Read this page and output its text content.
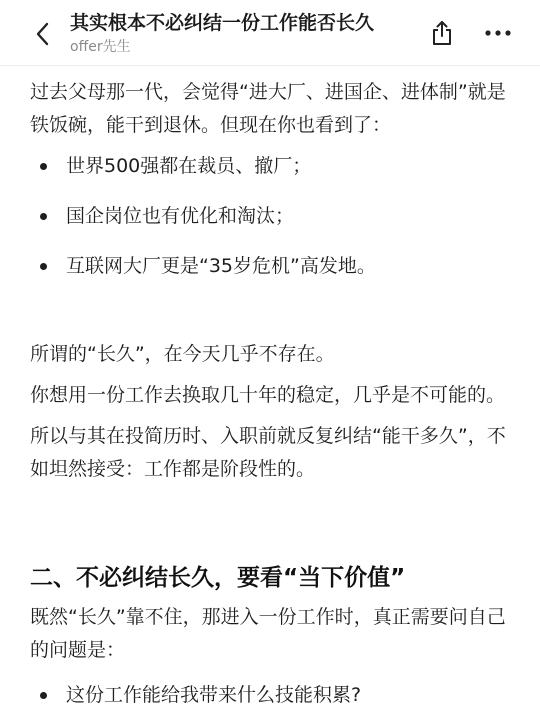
其实根本不必纠结一份工作能否长久
offer先生

过去父母那一代，会觉得“进大厂、进国企、进体制”就是铁饭碗，能干到退休。但现在你也看到了：

世界500强都在裁员、撤厂；
国企岗位也有优化和淘汰；
互联网大厂更是“35岁危机”高发地。

所谓的“长久”，在今天几乎不存在。

你想用一份工作去换取几十年的稳定，几乎是不可能的。

所以与其在投简历时、入职前就反复纠结“能干多久”，不如坦然接受：工作都是阶段性的。

二、不必纠结长久，要看“当下价值”

既然“长久”靠不住，那进入一份工作时，真正需要问自己的问题是：

这份工作能给我带来什么技能积累?
